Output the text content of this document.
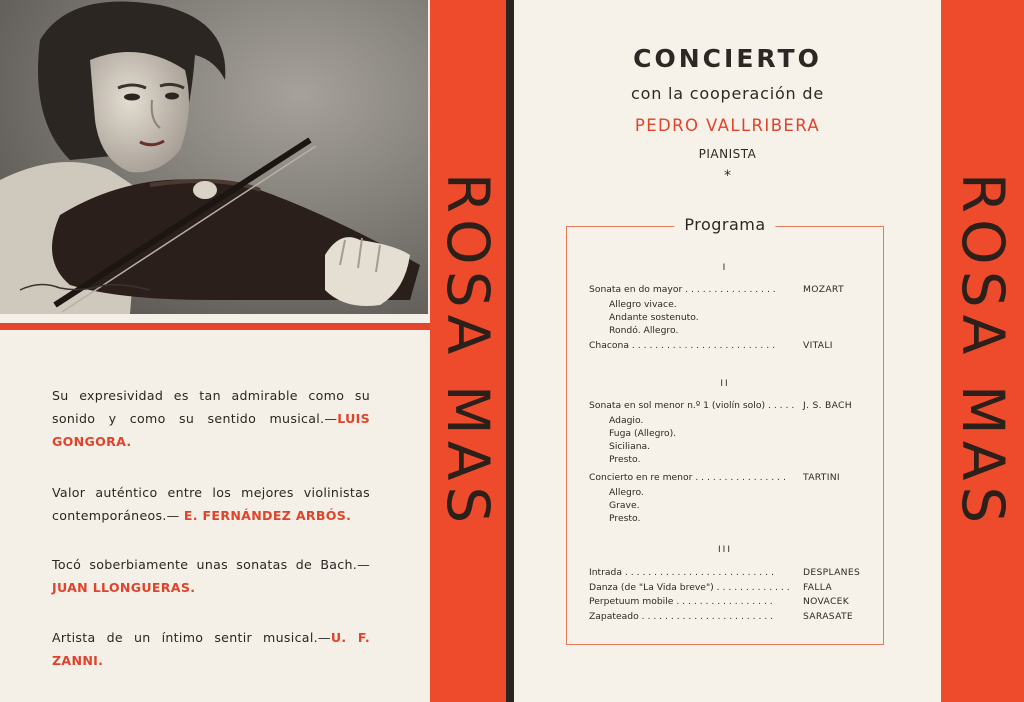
Su expresividad es tan admirable como su sonido y como su sentido musical.—LUIS GONGORA.

Valor auténtico entre los mejores violinistas contemporáneos.— E. FERNÁNDEZ ARBÓS.

Tocó soberbiamente unas sonatas de Bach.— JUAN LLONGUERAS.

Artista de un íntimo sentir musical.—U. F. ZANNI.

ROSA MAS
CONCIERTO
con la cooperación de
PEDRO VALLRIBERA
PIANISTA
*
Programa
I
Sonata en do mayor . . . . . . . . . . . . . . . .	MOZART
Allegro vivace.
Andante sostenuto.
Rondó. Allegro.
Chacona . . . . . . . . . . . . . . . . . . . . . . . . .	VITALI
II
Sonata en sol menor n.º 1 (violín solo) . . . . . J. S. BACH
Adagio.
Fuga (Allegro).
Siciliana.
Presto.
Concierto en re menor . . . . . . . . . . . . . . . .	TARTINI
Allegro.
Grave.
Presto.
III
Intrada . . . . . . . . . . . . . . . . . . . . . . . . . .	DESPLANES
Danza (de "La Vida breve") . . . . . . . . . . . . .	FALLA
Perpetuum mobile . . . . . . . . . . . . . . . . .	NOVACEK
Zapateado . . . . . . . . . . . . . . . . . . . . . . .	SARASATE
ROSA MAS
